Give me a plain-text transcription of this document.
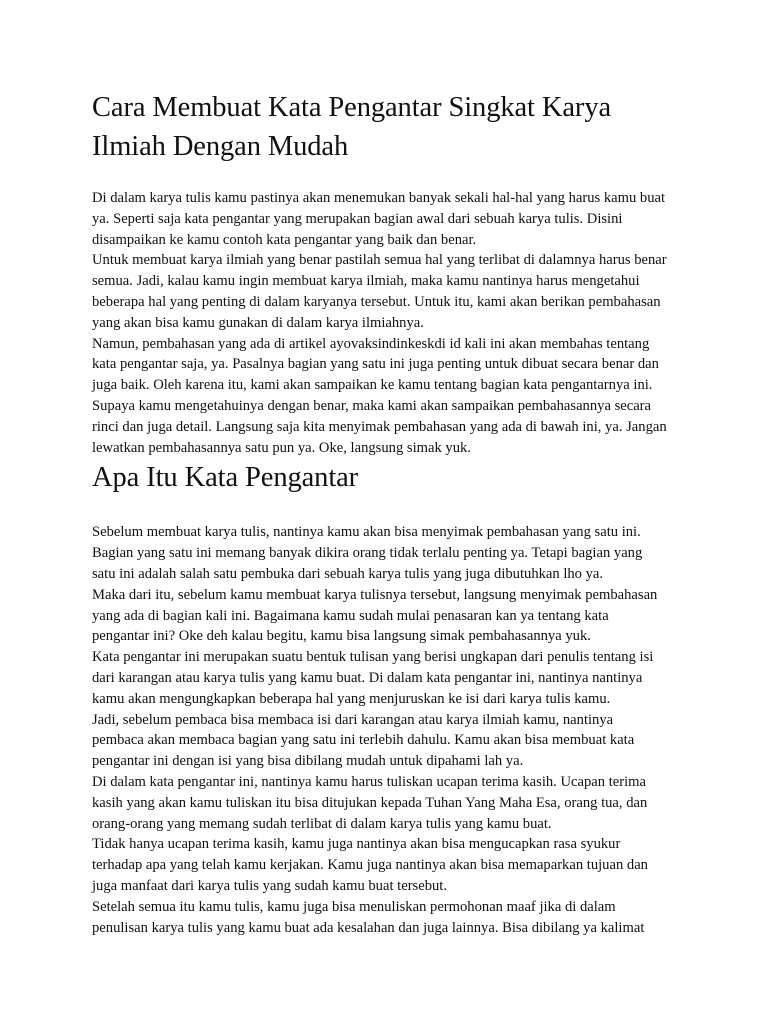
Cara Membuat Kata Pengantar Singkat Karya Ilmiah Dengan Mudah

Di dalam karya tulis kamu pastinya akan menemukan banyak sekali hal-hal yang harus kamu buat ya. Seperti saja kata pengantar yang merupakan bagian awal dari sebuah karya tulis. Disini disampaikan ke kamu contoh kata pengantar yang baik dan benar.

Untuk membuat karya ilmiah yang benar pastilah semua hal yang terlibat di dalamnya harus benar semua. Jadi, kalau kamu ingin membuat karya ilmiah, maka kamu nantinya harus mengetahui beberapa hal yang penting di dalam karyanya tersebut. Untuk itu, kami akan berikan pembahasan yang akan bisa kamu gunakan di dalam karya ilmiahnya.

Namun, pembahasan yang ada di artikel ayovaksindinkeskdi id kali ini akan membahas tentang kata pengantar saja, ya. Pasalnya bagian yang satu ini juga penting untuk dibuat secara benar dan juga baik. Oleh karena itu, kami akan sampaikan ke kamu tentang bagian kata pengantarnya ini.

Supaya kamu mengetahuinya dengan benar, maka kami akan sampaikan pembahasannya secara rinci dan juga detail. Langsung saja kita menyimak pembahasan yang ada di bawah ini, ya. Jangan lewatkan pembahasannya satu pun ya. Oke, langsung simak yuk.

Apa Itu Kata Pengantar

Sebelum membuat karya tulis, nantinya kamu akan bisa menyimak pembahasan yang satu ini. Bagian yang satu ini memang banyak dikira orang tidak terlalu penting ya. Tetapi bagian yang satu ini adalah salah satu pembuka dari sebuah karya tulis yang juga dibutuhkan lho ya.

Maka dari itu, sebelum kamu membuat karya tulisnya tersebut, langsung menyimak pembahasan yang ada di bagian kali ini. Bagaimana kamu sudah mulai penasaran kan ya tentang kata pengantar ini? Oke deh kalau begitu, kamu bisa langsung simak pembahasannya yuk.

Kata pengantar ini merupakan suatu bentuk tulisan yang berisi ungkapan dari penulis tentang isi dari karangan atau karya tulis yang kamu buat. Di dalam kata pengantar ini, nantinya nantinya kamu akan mengungkapkan beberapa hal yang menjuruskan ke isi dari karya tulis kamu.

Jadi, sebelum pembaca bisa membaca isi dari karangan atau karya ilmiah kamu, nantinya pembaca akan membaca bagian yang satu ini terlebih dahulu. Kamu akan bisa membuat kata pengantar ini dengan isi yang bisa dibilang mudah untuk dipahami lah ya.

Di dalam kata pengantar ini, nantinya kamu harus tuliskan ucapan terima kasih. Ucapan terima kasih yang akan kamu tuliskan itu bisa ditujukan kepada Tuhan Yang Maha Esa, orang tua, dan orang-orang yang memang sudah terlibat di dalam karya tulis yang kamu buat.

Tidak hanya ucapan terima kasih, kamu juga nantinya akan bisa mengucapkan rasa syukur terhadap apa yang telah kamu kerjakan. Kamu juga nantinya akan bisa memaparkan tujuan dan juga manfaat dari karya tulis yang sudah kamu buat tersebut.

Setelah semua itu kamu tulis, kamu juga bisa menuliskan permohonan maaf jika di dalam penulisan karya tulis yang kamu buat ada kesalahan dan juga lainnya. Bisa dibilang ya kalimat
